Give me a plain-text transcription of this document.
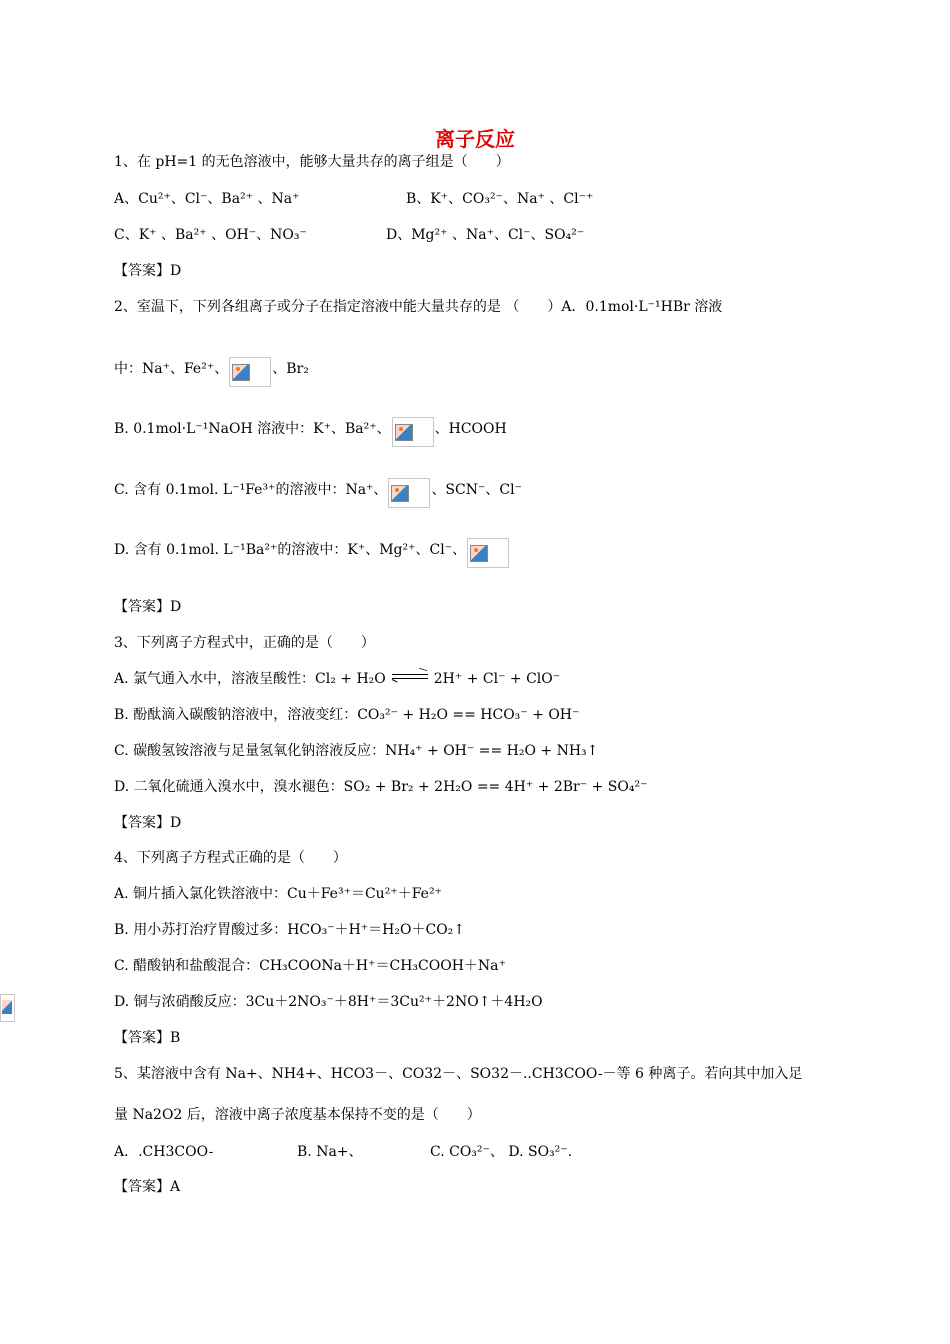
离子反应
1、在 pH=1 的无色溶液中，能够大量共存的离子组是（　　）
A、Cu²⁺、Cl⁻、Ba²⁺ 、Na⁺	B、K⁺、CO₃²⁻、Na⁺ 、Cl⁻⁺
C、K⁺ 、Ba²⁺ 、OH⁻、NO₃⁻	D、Mg²⁺ 、Na⁺、Cl⁻、SO₄²⁻
【答案】D
2、室温下，下列各组离子或分子在指定溶液中能大量共存的是 （　　）A．0.1mol·L⁻¹HBr 溶液
中：Na⁺、Fe²⁺、	、Br₂
B. 0.1mol·L⁻¹NaOH 溶液中：K⁺、Ba²⁺、	、HCOOH
C. 含有 0.1mol. L⁻¹Fe³⁺的溶液中：Na⁺、	、SCN⁻、Cl⁻
D. 含有 0.1mol. L⁻¹Ba²⁺的溶液中：K⁺、Mg²⁺、Cl⁻、
【答案】D
3、下列离子方程式中，正确的是（　　）
A. 氯气通入水中，溶液呈酸性：Cl₂ + H₂O	2H⁺ + Cl⁻ + ClO⁻
B. 酚酞滴入碳酸钠溶液中，溶液变红：CO₃²⁻ + H₂O == HCO₃⁻ + OH⁻
C. 碳酸氢铵溶液与足量氢氧化钠溶液反应：NH₄⁺ + OH⁻ == H₂O + NH₃↑
D. 二氧化硫通入溴水中，溴水褪色：SO₂ + Br₂ + 2H₂O == 4H⁺ + 2Br⁻ + SO₄²⁻
【答案】D
4、下列离子方程式正确的是（　　）
A. 铜片插入氯化铁溶液中：Cu＋Fe³⁺＝Cu²⁺＋Fe²⁺
B. 用小苏打治疗胃酸过多：HCO₃⁻＋H⁺＝H₂O＋CO₂↑
C. 醋酸钠和盐酸混合：CH₃COONa＋H⁺＝CH₃COOH＋Na⁺
D. 铜与浓硝酸反应：3Cu＋2NO₃⁻＋8H⁺＝3Cu²⁺＋2NO↑＋4H₂O
【答案】B
5、某溶液中含有 Na+、NH4+、HCO3－、CO32－、SO32－..CH3COO-－等 6 种离子。若向其中加入足
量 Na2O2 后，溶液中离子浓度基本保持不变的是（　　）
A．.CH3COO-	B. Na+、	C. CO₃²⁻、 D. SO₃²⁻.
【答案】A
